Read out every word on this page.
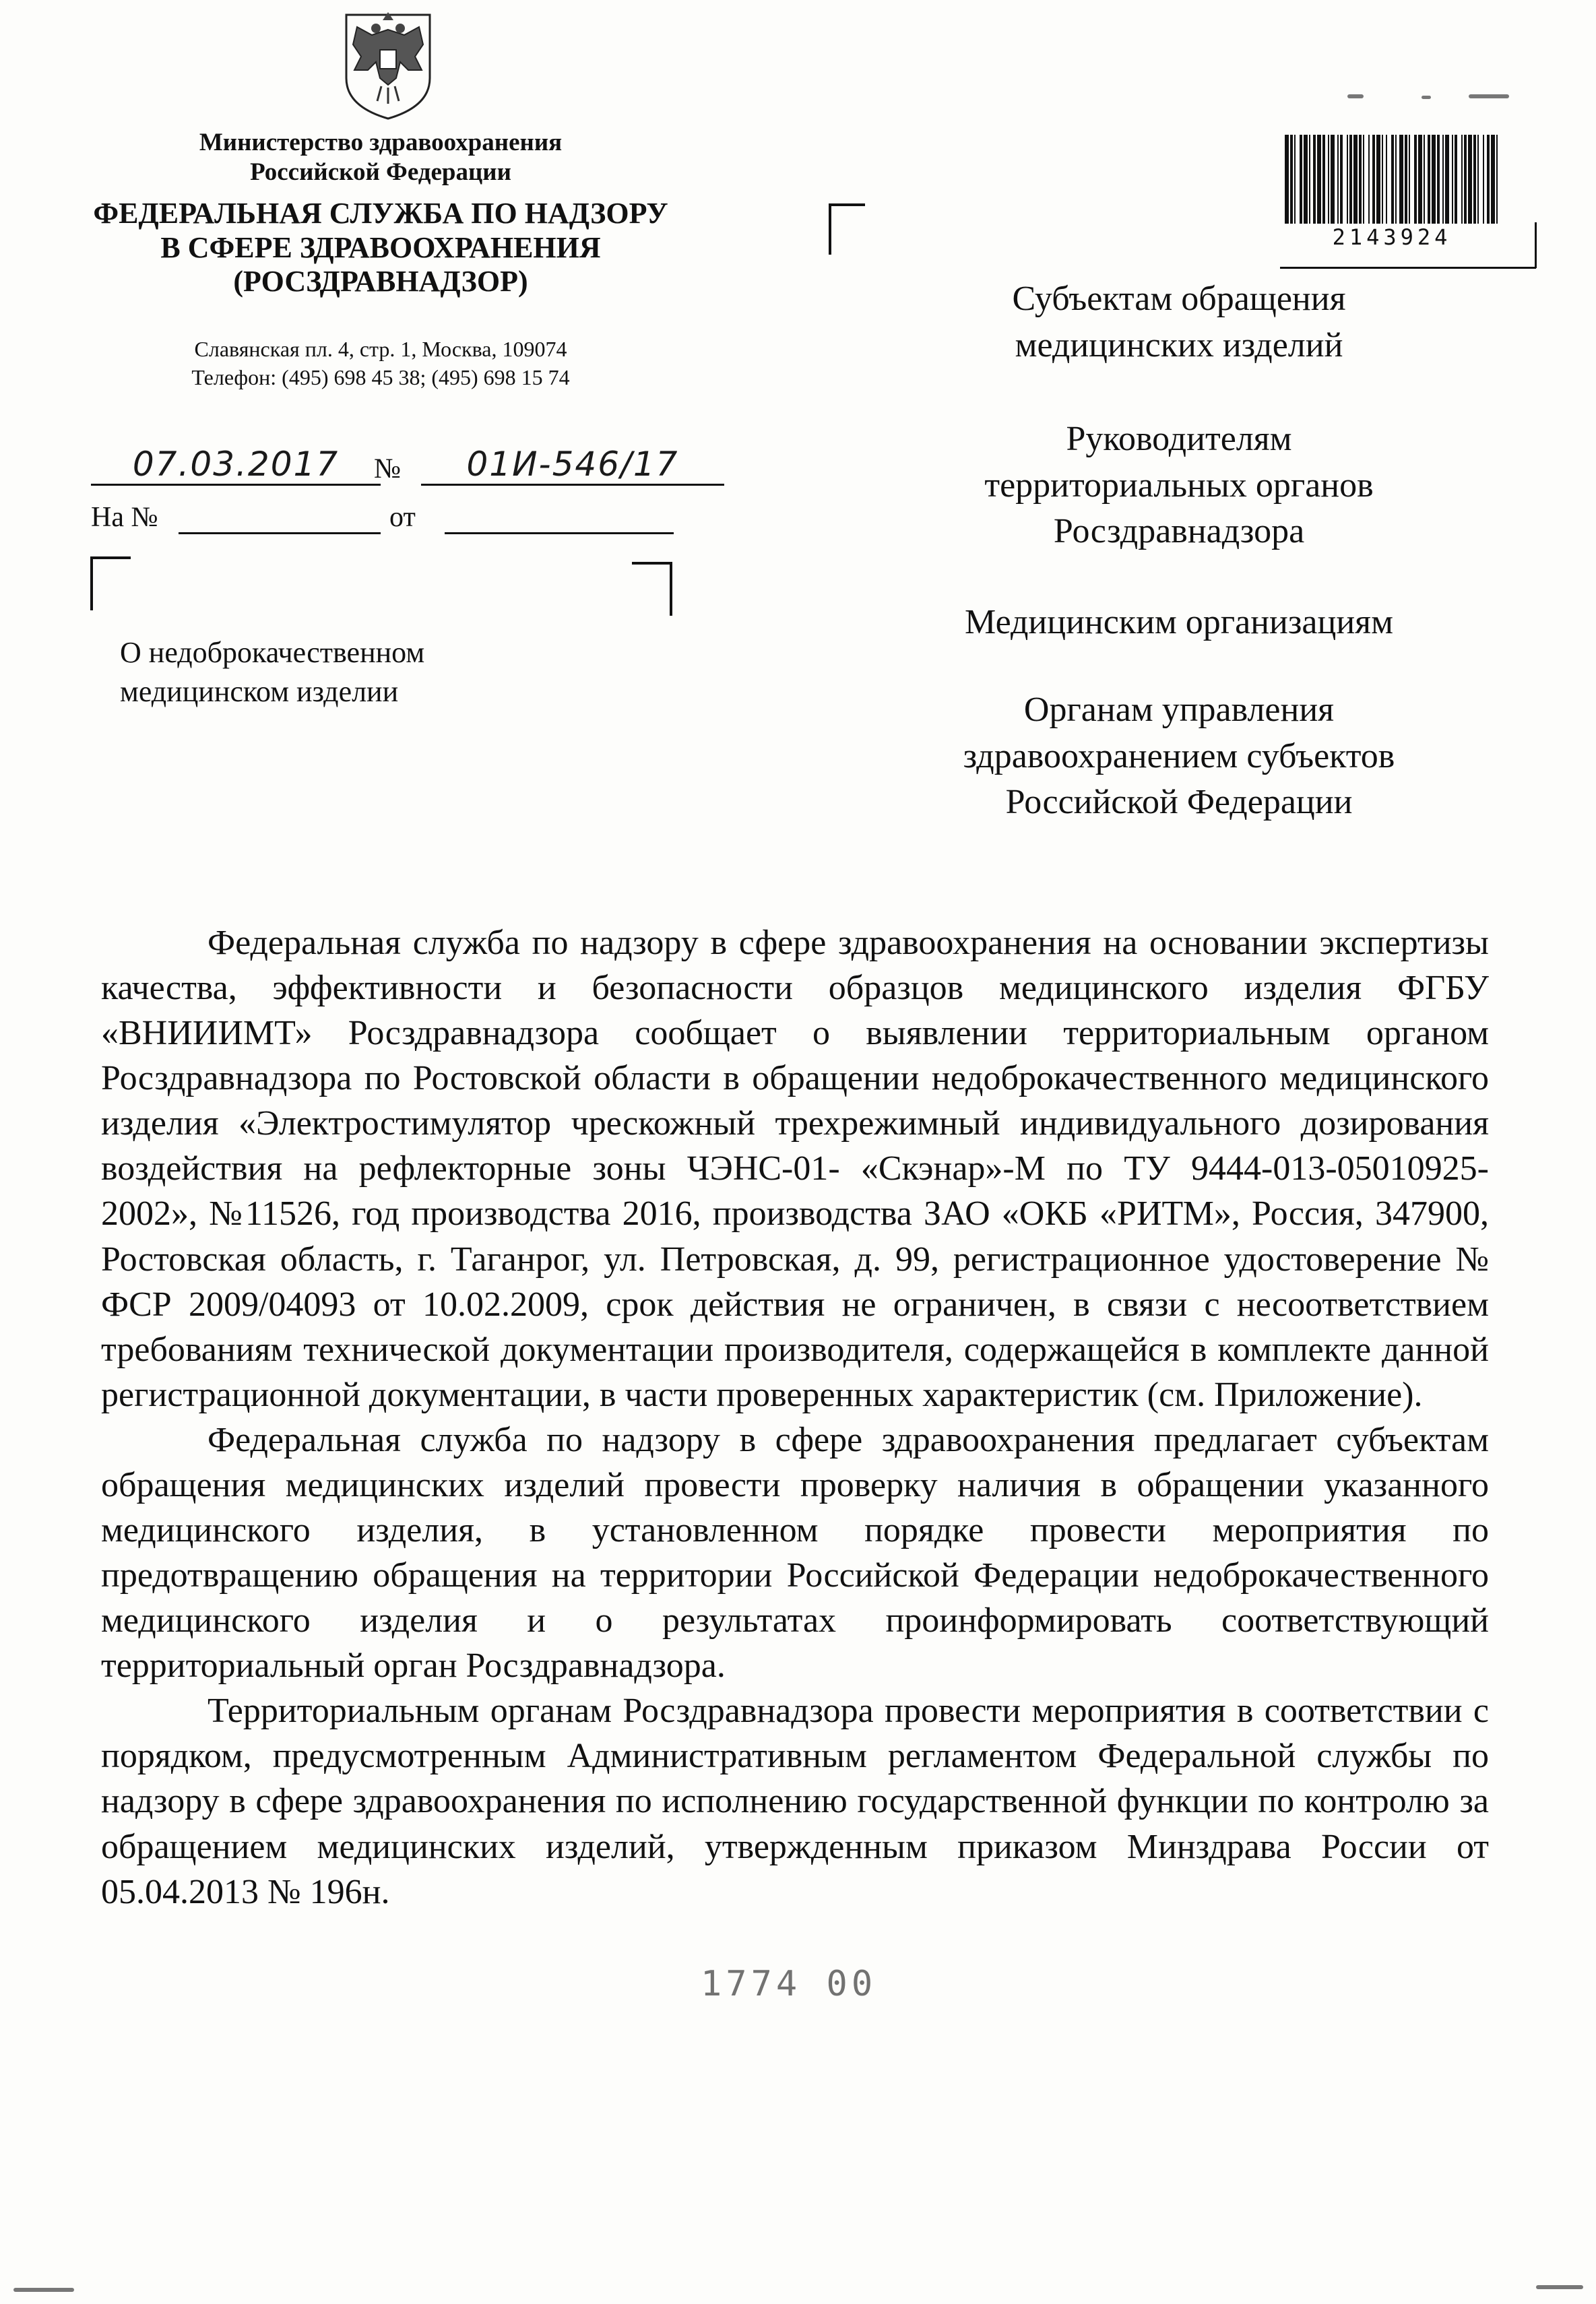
Министерство здравоохранения
Российской Федерации
ФЕДЕРАЛЬНАЯ СЛУЖБА ПО НАДЗОРУ
В СФЕРЕ ЗДРАВООХРАНЕНИЯ
(РОСЗДРАВНАДЗОР)
Славянская пл. 4, стр. 1, Москва, 109074
Телефон: (495) 698 45 38; (495) 698 15 74
07.03.2017	№	01И-546/17
На №	от
О недоброкачественном
медицинском изделии
2143924
Субъектам обращения
медицинских изделий
Руководителям
территориальных органов
Росздравнадзора
Медицинским организациям
Органам управления
здравоохранением субъектов
Российской Федерации

Федеральная служба по надзору в сфере здравоохранения на основании экспертизы качества, эффективности и безопасности образцов медицинского изделия ФГБУ «ВНИИИМТ» Росздравнадзора сообщает о выявлении территориальным органом Росздравнадзора по Ростовской области в обращении недоброкачественного медицинского изделия «Электростимулятор чрескожный трехрежимный индивидуального дозирования воздействия на рефлекторные зоны ЧЭНС-01- «Скэнар»-М по ТУ 9444-013-05010925- 2002», №11526, год производства 2016, производства ЗАО «ОКБ «РИТМ», Россия, 347900, Ростовская область, г. Таганрог, ул. Петровская, д. 99, регистрационное удостоверение № ФСР 2009/04093 от 10.02.2009, срок действия не ограничен, в связи с несоответствием требованиям технической документации производителя, содержащейся в комплекте данной регистрационной документации, в части проверенных характеристик (см. Приложение).

Федеральная служба по надзору в сфере здравоохранения предлагает субъектам обращения медицинских изделий провести проверку наличия в обращении указанного медицинского изделия, в установленном порядке провести мероприятия по предотвращению обращения на территории Российской Федерации недоброкачественного медицинского изделия и о результатах проинформировать соответствующий территориальный орган Росздравнадзора.

Территориальным органам Росздравнадзора провести мероприятия в соответствии с порядком, предусмотренным Административным регламентом Федеральной службы по надзору в сфере здравоохранения по исполнению государственной функции по контролю за обращением медицинских изделий, утвержденным приказом Минздрава России от 05.04.2013 № 196н.

1774 00
